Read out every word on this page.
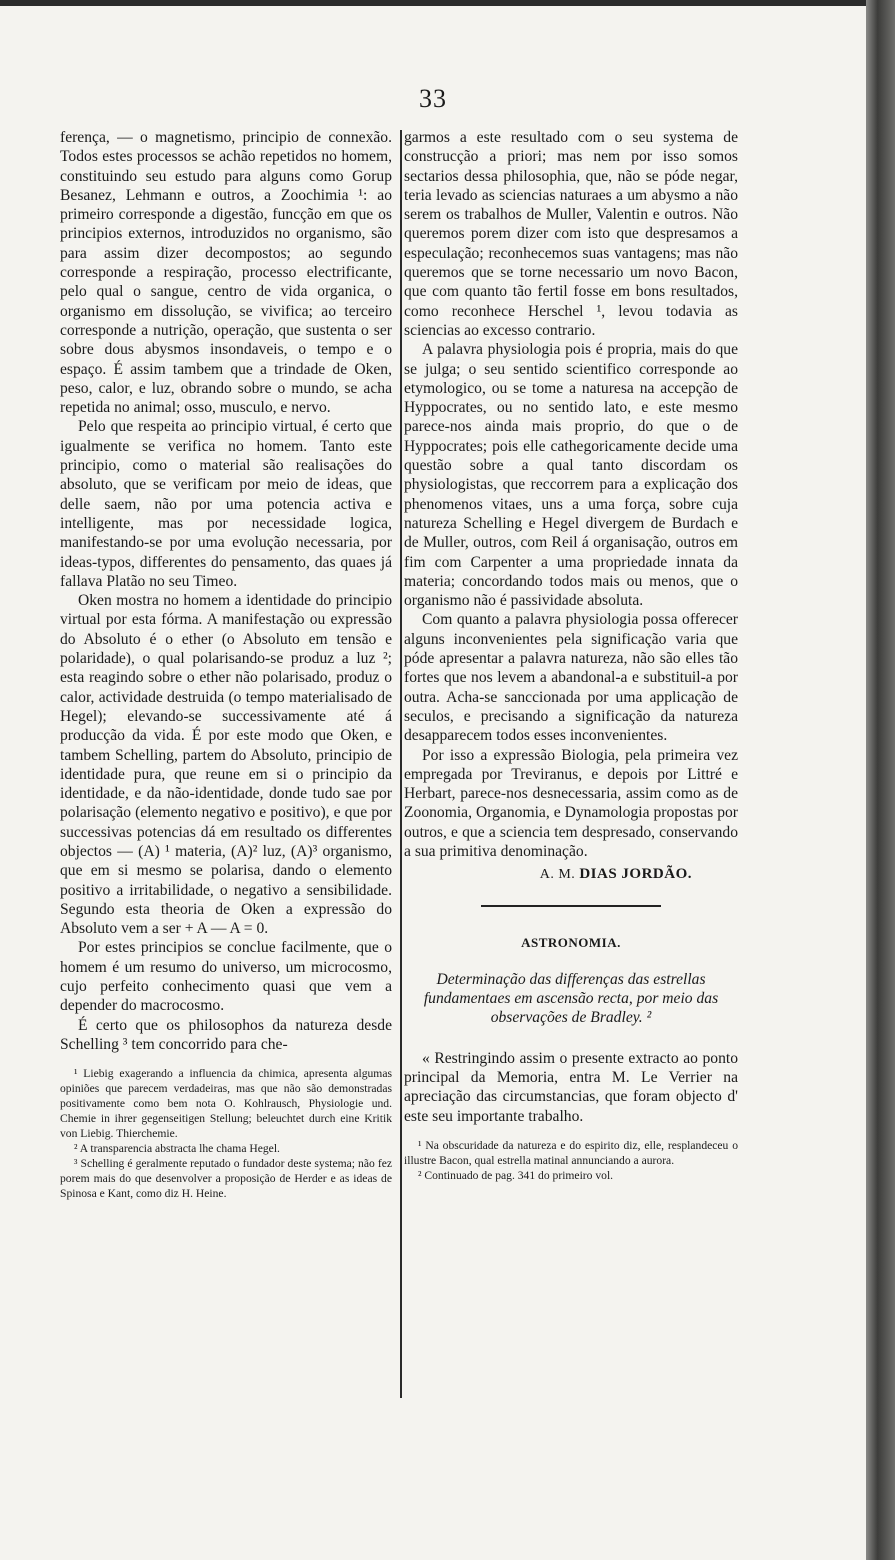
33

ferença, — o magnetismo, principio de connexão. Todos estes processos se achão repetidos no homem, constituindo seu estudo para alguns como Gorup Besanez, Lehmann e outros, a Zoochimia ¹: ao primeiro corresponde a digestão, funcção em que os principios externos, introduzidos no organismo, são para assim dizer decompostos; ao segundo corresponde a respiração, processo electrificante, pelo qual o sangue, centro de vida organica, o organismo em dissolução, se vivifica; ao terceiro corresponde a nutrição, operação, que sustenta o ser sobre dous abysmos insondaveis, o tempo e o espaço. É assim tambem que a trindade de Oken, peso, calor, e luz, obrando sobre o mundo, se acha repetida no animal; osso, musculo, e nervo.

Pelo que respeita ao principio virtual, é certo que igualmente se verifica no homem. Tanto este principio, como o material são realisações do absoluto, que se verificam por meio de ideas, que delle saem, não por uma potencia activa e intelligente, mas por necessidade logica, manifestando-se por uma evolução necessaria, por ideas-typos, differentes do pensamento, das quaes já fallava Platão no seu Timeo.

Oken mostra no homem a identidade do principio virtual por esta fórma. A manifestação ou expressão do Absoluto é o ether (o Absoluto em tensão e polaridade), o qual polarisando-se produz a luz ²; esta reagindo sobre o ether não polarisado, produz o calor, actividade destruida (o tempo materialisado de Hegel); elevando-se successivamente até á producção da vida. É por este modo que Oken, e tambem Schelling, partem do Absoluto, principio de identidade pura, que reune em si o principio da identidade, e da não-identidade, donde tudo sae por polarisação (elemento negativo e positivo), e que por successivas potencias dá em resultado os differentes objectos — (A) ¹ materia, (A)² luz, (A)³ organismo, que em si mesmo se polarisa, dando o elemento positivo a irritabilidade, o negativo a sensibilidade. Segundo esta theoria de Oken a expressão do Absoluto vem a ser + A — A = 0.

Por estes principios se conclue facilmente, que o homem é um resumo do universo, um microcosmo, cujo perfeito conhecimento quasi que vem a depender do macrocosmo.

É certo que os philosophos da natureza desde Schelling ³ tem concorrido para che-

¹ Liebig exagerando a influencia da chimica, apresenta algumas opiniões que parecem verdadeiras, mas que não são demonstradas positivamente como bem nota O. Kohlrausch, Physiologie und. Chemie in ihrer gegenseitigen Stellung; beleuchtet durch eine Kritik von Liebig. Thierchemie.

² A transparencia abstracta lhe chama Hegel.

³ Schelling é geralmente reputado o fundador deste systema; não fez porem mais do que desenvolver a proposição de Herder e as ideas de Spinosa e Kant, como diz H. Heine.

garmos a este resultado com o seu systema de construcção a priori; mas nem por isso somos sectarios dessa philosophia, que, não se póde negar, teria levado as sciencias naturaes a um abysmo a não serem os trabalhos de Muller, Valentin e outros. Não queremos porem dizer com isto que despresamos a especulação; reconhecemos suas vantagens; mas não queremos que se torne necessario um novo Bacon, que com quanto tão fertil fosse em bons resultados, como reconhece Herschel ¹, levou todavia as sciencias ao excesso contrario.

A palavra physiologia pois é propria, mais do que se julga; o seu sentido scientifico corresponde ao etymologico, ou se tome a naturesa na accepção de Hyppocrates, ou no sentido lato, e este mesmo parece-nos ainda mais proprio, do que o de Hyppocrates; pois elle cathegoricamente decide uma questão sobre a qual tanto discordam os physiologistas, que reccorrem para a explicação dos phenomenos vitaes, uns a uma força, sobre cuja natureza Schelling e Hegel divergem de Burdach e de Muller, outros, com Reil á organisação, outros em fim com Carpenter a uma propriedade innata da materia; concordando todos mais ou menos, que o organismo não é passividade absoluta.

Com quanto a palavra physiologia possa offerecer alguns inconvenientes pela significação varia que póde apresentar a palavra natureza, não são elles tão fortes que nos levem a abandonal-a e substituil-a por outra. Acha-se sanccionada por uma applicação de seculos, e precisando a significação da natureza desapparecem todos esses inconvenientes.

Por isso a expressão Biologia, pela primeira vez empregada por Treviranus, e depois por Littré e Herbart, parece-nos desnecessaria, assim como as de Zoonomia, Organomia, e Dynamologia propostas por outros, e que a sciencia tem despresado, conservando a sua primitiva denominação.

A. M. DIAS JORDÃO.
ASTRONOMIA.
Determinação das differenças das estrellas fundamentaes em ascensão recta, por meio das observações de Bradley. ²

« Restringindo assim o presente extracto ao ponto principal da Memoria, entra M. Le Verrier na apreciação das circumstancias, que foram objecto d' este seu importante trabalho.

¹ Na obscuridade da natureza e do espirito diz, elle, resplandeceu o illustre Bacon, qual estrella matinal annunciando a aurora.

² Continuado de pag. 341 do primeiro vol.
